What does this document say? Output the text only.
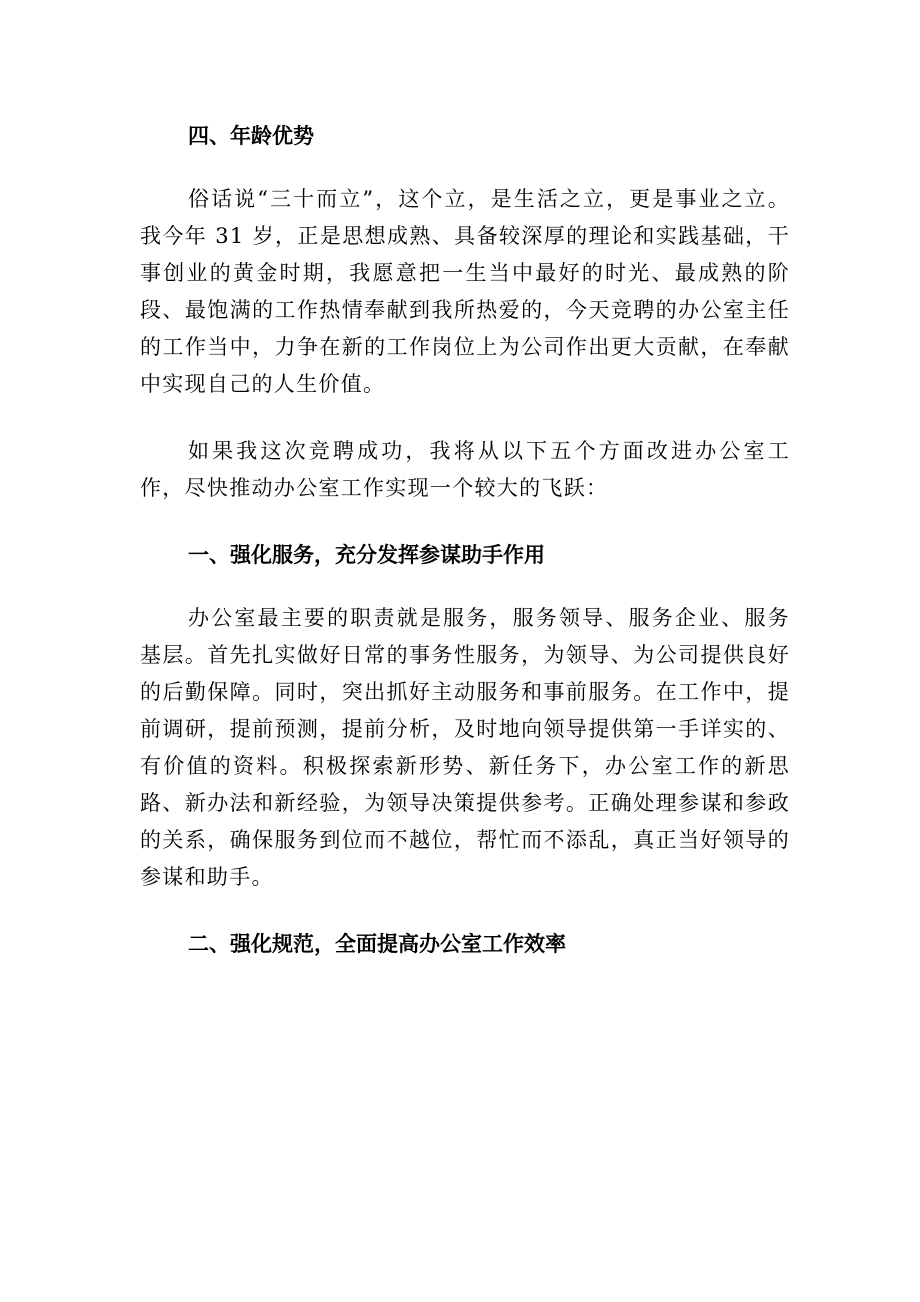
四、年龄优势

俗话说“三十而立”，这个立，是生活之立，更是事业之立。我今年 31 岁，正是思想成熟、具备较深厚的理论和实践基础，干事创业的黄金时期，我愿意把一生当中最好的时光、最成熟的阶段、最饱满的工作热情奉献到我所热爱的，今天竞聘的办公室主任的工作当中，力争在新的工作岗位上为公司作出更大贡献，在奉献中实现自己的人生价值。

如果我这次竞聘成功，我将从以下五个方面改进办公室工作，尽快推动办公室工作实现一个较大的飞跃：

一、强化服务，充分发挥参谋助手作用

办公室最主要的职责就是服务，服务领导、服务企业、服务基层。首先扎实做好日常的事务性服务，为领导、为公司提供良好的后勤保障。同时，突出抓好主动服务和事前服务。在工作中，提前调研，提前预测，提前分析，及时地向领导提供第一手详实的、有价值的资料。积极探索新形势、新任务下，办公室工作的新思路、新办法和新经验，为领导决策提供参考。正确处理参谋和参政的关系，确保服务到位而不越位，帮忙而不添乱，真正当好领导的参谋和助手。

二、强化规范，全面提高办公室工作效率
